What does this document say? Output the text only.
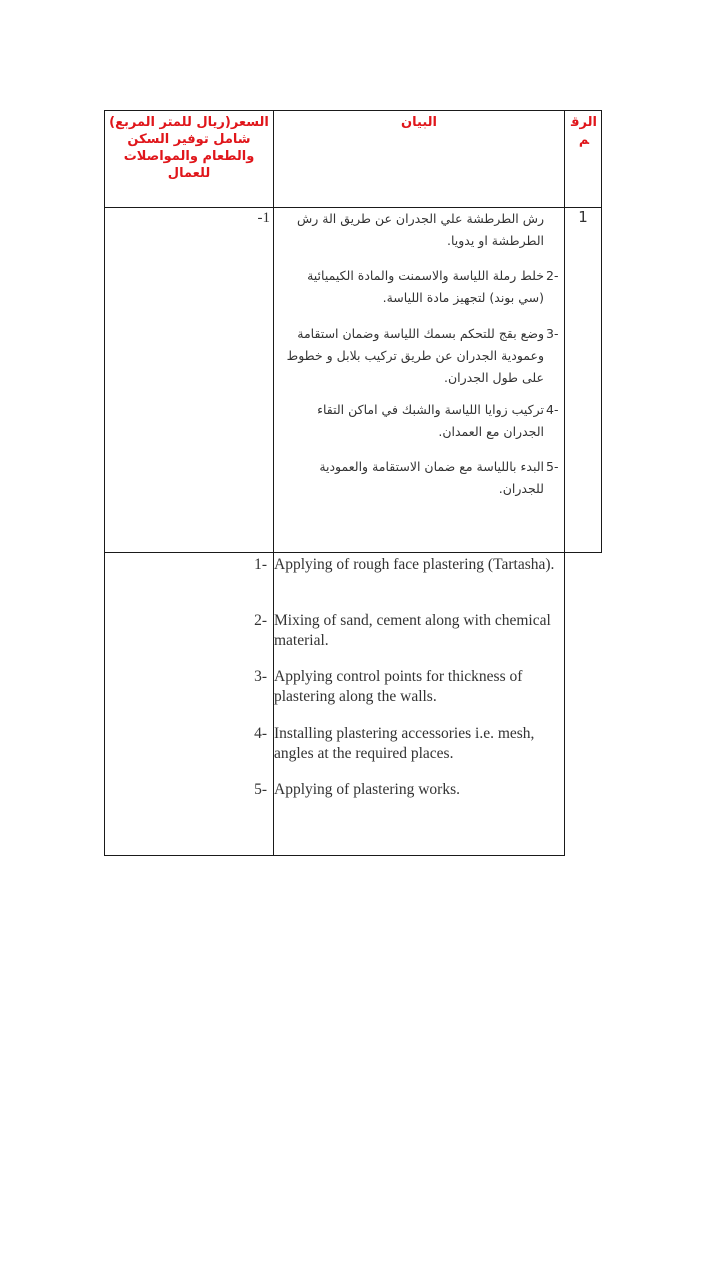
السعر(ريال للمتر المربع) شامل توفير السكن والطعام والمواصلات للعمال
البيان	الرقم
1
-1	رش الطرطشة علي الجدران عن طريق الة رش الطرطشة او يدويا.
2-
خلط رملة اللياسة والاسمنت والمادة الكيميائية (سي بوند) لتجهيز مادة اللياسة.
3-
وضع بقج للتحكم بسمك اللياسة وضمان استقامة وعمودية الجدران عن طريق تركيب بلابل و خطوط على طول الجدران.
4-
تركيب زوايا اللياسة والشبك في اماكن التقاء الجدران مع العمدان.
5-
البدء باللياسة مع ضمان الاستقامة والعمودية للجدران.
1- Applying of rough face plastering (Tartasha).
2- Mixing of sand, cement along with chemical material.
3- Applying control points for thickness of plastering along the walls.
4- Installing plastering accessories i.e. mesh, angles at the required places.
5- Applying of plastering works.
